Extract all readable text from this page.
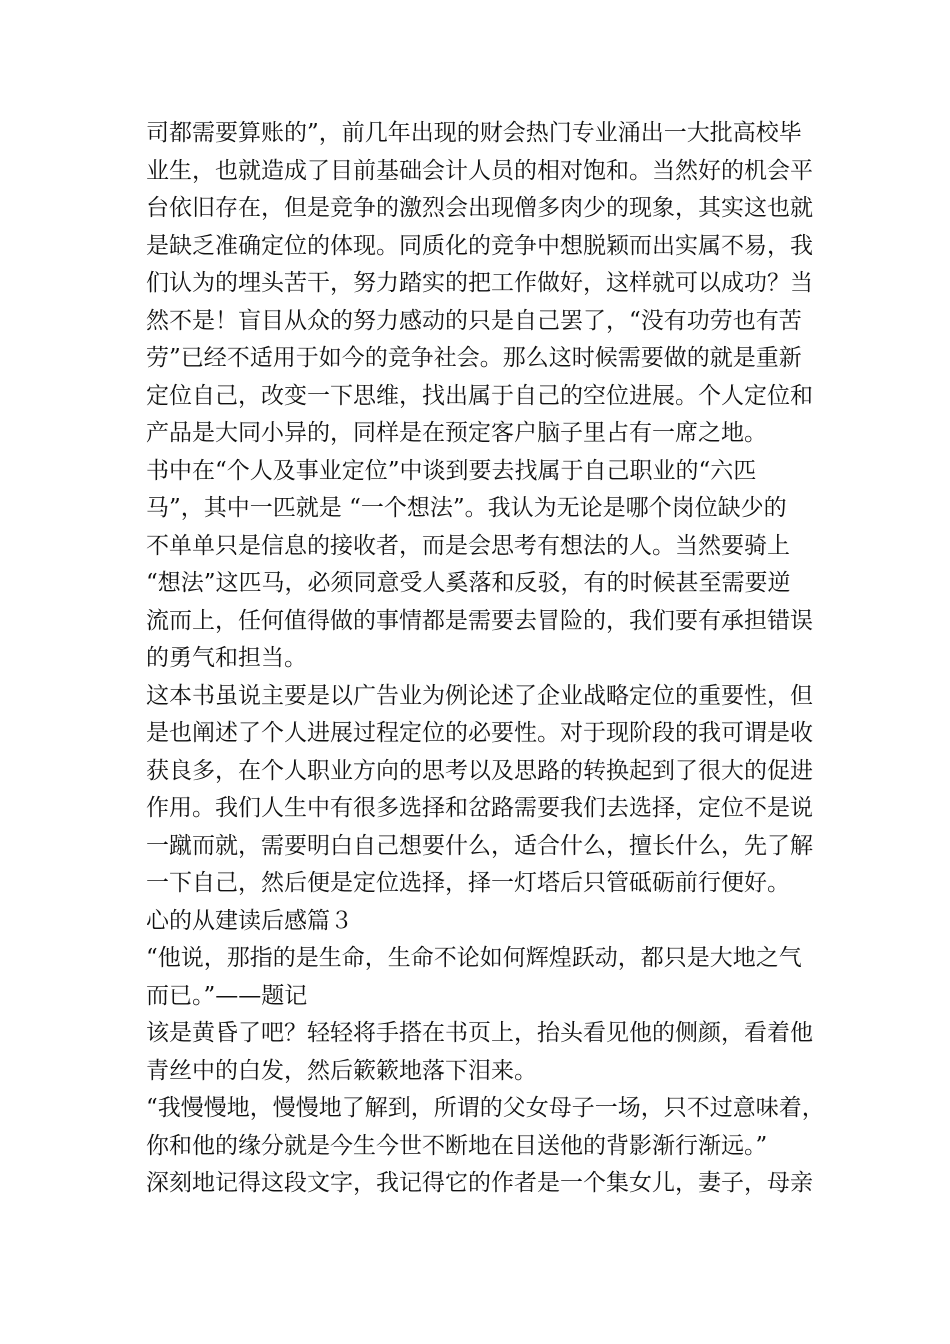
司都需要算账的”，前几年出现的财会热门专业涌出一大批高校毕
业生，也就造成了目前基础会计人员的相对饱和。当然好的机会平
台依旧存在，但是竞争的激烈会出现僧多肉少的现象，其实这也就
是缺乏准确定位的体现。同质化的竞争中想脱颖而出实属不易，我
们认为的埋头苦干，努力踏实的把工作做好，这样就可以成功？当
然不是！盲目从众的努力感动的只是自己罢了，“没有功劳也有苦
劳”已经不适用于如今的竞争社会。那么这时候需要做的就是重新
定位自己，改变一下思维，找出属于自己的空位进展。个人定位和
产品是大同小异的，同样是在预定客户脑子里占有一席之地。
书中在“个人及事业定位”中谈到要去找属于自己职业的“六匹
马”，其中一匹就是 “一个想法”。我认为无论是哪个岗位缺少的
不单单只是信息的接收者，而是会思考有想法的人。当然要骑上
“想法”这匹马，必须同意受人奚落和反驳，有的时候甚至需要逆
流而上，任何值得做的事情都是需要去冒险的，我们要有承担错误
的勇气和担当。
这本书虽说主要是以广告业为例论述了企业战略定位的重要性，但
是也阐述了个人进展过程定位的必要性。对于现阶段的我可谓是收
获良多，在个人职业方向的思考以及思路的转换起到了很大的促进
作用。我们人生中有很多选择和岔路需要我们去选择，定位不是说
一蹴而就，需要明白自己想要什么，适合什么，擅长什么，先了解
一下自己，然后便是定位选择，择一灯塔后只管砥砺前行便好。
心的从建读后感篇３
“他说，那指的是生命，生命不论如何辉煌跃动，都只是大地之气
而已。”——题记
该是黄昏了吧？轻轻将手搭在书页上，抬头看见他的侧颜，看着他
青丝中的白发，然后簌簌地落下泪来。
“我慢慢地，慢慢地了解到，所谓的父女母子一场，只不过意味着，
你和他的缘分就是今生今世不断地在目送他的背影渐行渐远。”
深刻地记得这段文字，我记得它的作者是一个集女儿，妻子，母亲
